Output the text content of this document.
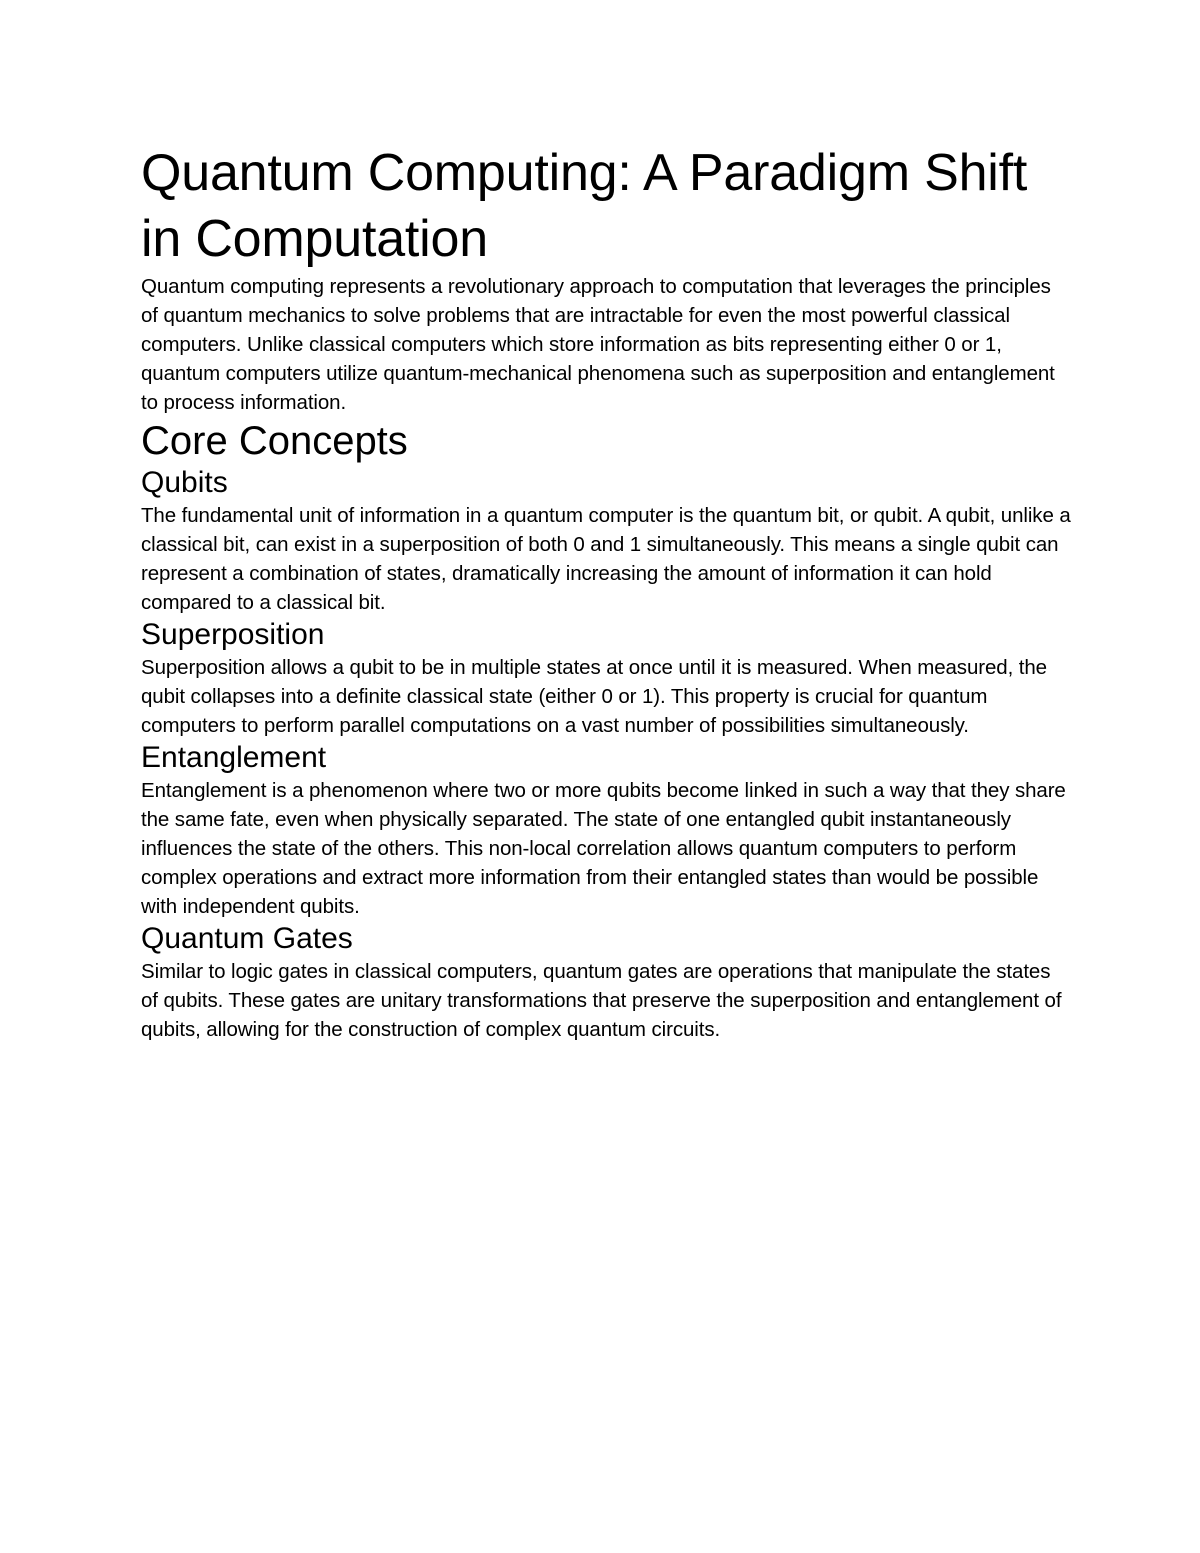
Quantum Computing: A Paradigm Shift in Computation

Quantum computing represents a revolutionary approach to computation that leverages the principles of quantum mechanics to solve problems that are intractable for even the most powerful classical computers. Unlike classical computers which store information as bits representing either 0 or 1, quantum computers utilize quantum-mechanical phenomena such as superposition and entanglement to process information.

Core Concepts
Qubits

The fundamental unit of information in a quantum computer is the quantum bit, or qubit. A qubit, unlike a classical bit, can exist in a superposition of both 0 and 1 simultaneously. This means a single qubit can represent a combination of states, dramatically increasing the amount of information it can hold compared to a classical bit.

Superposition

Superposition allows a qubit to be in multiple states at once until it is measured. When measured, the qubit collapses into a definite classical state (either 0 or 1). This property is crucial for quantum computers to perform parallel computations on a vast number of possibilities simultaneously.

Entanglement

Entanglement is a phenomenon where two or more qubits become linked in such a way that they share the same fate, even when physically separated. The state of one entangled qubit instantaneously influences the state of the others. This non-local correlation allows quantum computers to perform complex operations and extract more information from their entangled states than would be possible with independent qubits.

Quantum Gates

Similar to logic gates in classical computers, quantum gates are operations that manipulate the states of qubits. These gates are unitary transformations that preserve the superposition and entanglement of qubits, allowing for the construction of complex quantum circuits.
